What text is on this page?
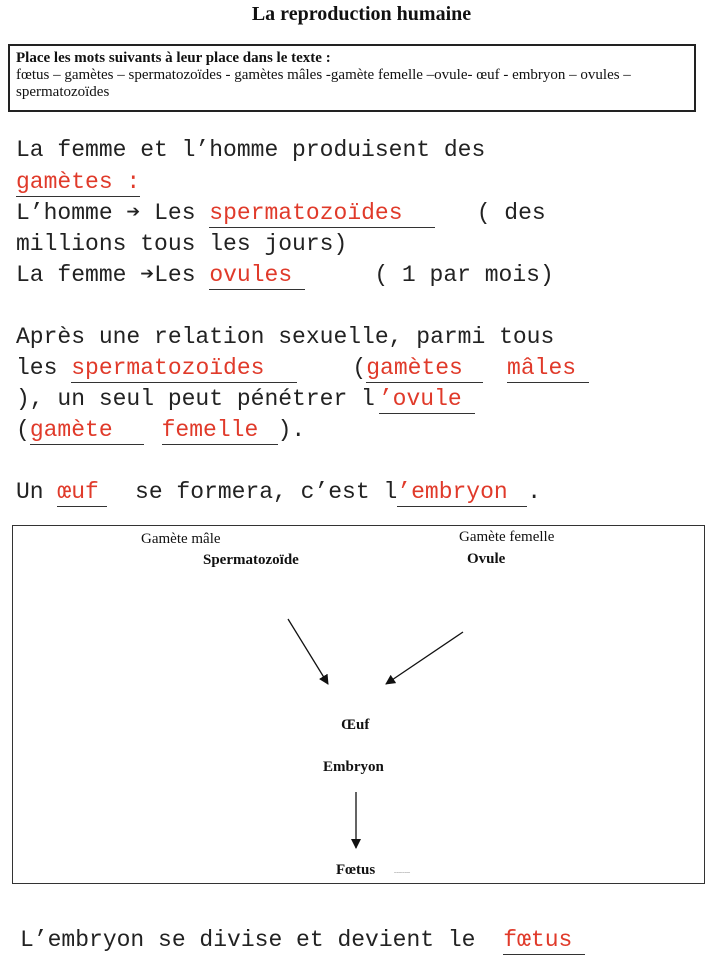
La reproduction humaine
Place les mots suivants à leur place dans le texte :
fœtus – gamètes – spermatozoïdes - gamètes mâles -gamète femelle –ovule- œuf - embryon – ovules – spermatozoïdes
La femme et l’homme produisent des
gamètes :
L’homme ➔ Les spermatozoïdes   ( des
millions tous les jours)
La femme ➔Les ovules     ( 1 par mois)
Après une relation sexuelle, parmi tous
les spermatozoïdes    (gamètes mâles
), un seul peut pénétrer l ’ovule
(gamète femelle ).
Un œuf  se formera, c’est l’embryon .
Gamète mâle
Spermatozoïde
Gamète femelle
Ovule
Œuf
Embryon
Fœtus	~~~~~~
L’embryon se divise et devient le fœtus
